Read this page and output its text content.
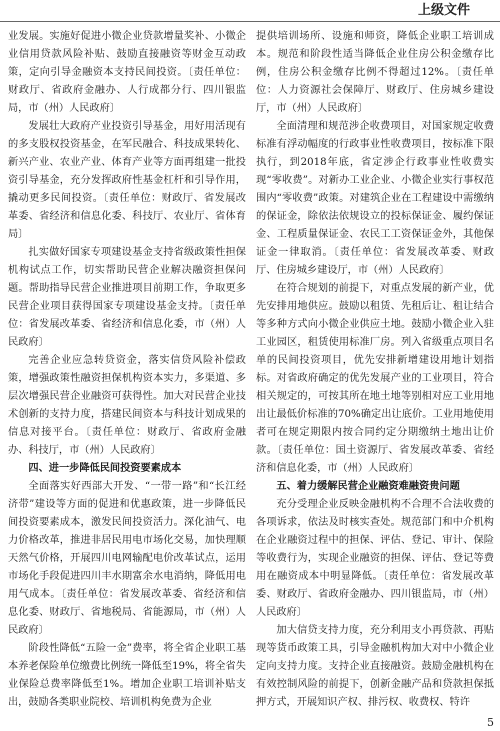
上级文件

业发展。实施好促进小微企业贷款增量奖补、小微企业信用贷款风险补贴、鼓励直接融资等财金互动政策，定向引导金融资本支持民间投资。〔责任单位：财政厅、省政府金融办、人行成都分行、四川银监局，市（州）人民政府〕

发展壮大政府产业投资引导基金，用好用活现有的多支股权投资基金，在军民融合、科技成果转化、新兴产业、农业产业、体育产业等方面再组建一批投资引导基金，充分发挥政府性基金杠杆和引导作用，撬动更多民间投资。〔责任单位：财政厅、省发展改革委、省经济和信息化委、科技厅、农业厅、省体育局〕

扎实做好国家专项建设基金支持省级政策性担保机构试点工作，切实帮助民营企业解决融资担保问题。帮助指导民营企业推进项目前期工作，争取更多民营企业项目获得国家专项建设基金支持。〔责任单位：省发展改革委、省经济和信息化委，市（州）人民政府〕

完善企业应急转贷资金，落实信贷风险补偿政策，增强政策性融资担保机构资本实力，多渠道、多层次增强民营企业融资可获得性。加大对民营企业技术创新的支持力度，搭建民间资本与科技计划成果的信息对接平台。〔责任单位：财政厅、省政府金融办、科技厅，市（州）人民政府〕

四、进一步降低民间投资要素成本

全面落实好西部大开发、“一带一路”和“长江经济带”建设等方面的促进和优惠政策，进一步降低民间投资要素成本，激发民间投资活力。深化油气、电力价格改革，推进非居民用电市场化交易，加快理顺天然气价格，开展四川电网输配电价改革试点，运用市场化手段促进四川丰水期富余水电消纳，降低用电用气成本。〔责任单位：省发展改革委、省经济和信息化委、财政厅、省地税局、省能源局，市（州）人民政府〕

阶段性降低“五险一金”费率，将全省企业职工基本养老保险单位缴费比例统一降低至19%，将全省失业保险总费率降低至1%。增加企业职工培训补贴支出，鼓励各类职业院校、培训机构免费为企业

提供培训场所、设施和师资，降低企业职工培训成本。规范和阶段性适当降低企业住房公积金缴存比例，住房公积金缴存比例不得超过12%。〔责任单位：人力资源社会保障厅、财政厅、住房城乡建设厅，市（州）人民政府〕

全面清理和规范涉企收费项目，对国家规定收费标准有浮动幅度的行政事业性收费项目，按标准下限执行，到2018年底，省定涉企行政事业性收费实现“零收费”。对新办工业企业、小微企业实行事权范围内“零收费”政策。对建筑企业在工程建设中需缴纳的保证金，除依法依规设立的投标保证金、履约保证金、工程质量保证金、农民工工资保证金外，其他保证金一律取消。〔责任单位：省发展改革委、财政厅、住房城乡建设厅，市（州）人民政府〕

在符合规划的前提下，对重点发展的新产业，优先安排用地供应。鼓励以租赁、先租后让、租让结合等多种方式向小微企业供应土地。鼓励小微企业入驻工业园区，租赁使用标准厂房。列入省级重点项目名单的民间投资项目，优先安排新增建设用地计划指标。对省政府确定的优先发展产业的工业项目，符合相关规定的，可按其所在地土地等别相对应工业用地出让最低价标准的70%确定出让底价。工业用地使用者可在规定期限内按合同约定分期缴纳土地出让价款。〔责任单位：国土资源厅、省发展改革委、省经济和信息化委，市（州）人民政府〕

五、着力缓解民营企业融资难融资贵问题

充分受理企业反映金融机构不合理不合法收费的各项诉求，依法及时核实查处。规范部门和中介机构在企业融资过程中的担保、评估、登记、审计、保险等收费行为，实现企业融资的担保、评估、登记等费用在融资成本中明显降低。〔责任单位：省发展改革委、财政厅、省政府金融办、四川银监局，市（州）人民政府〕

加大信贷支持力度，充分利用支小再贷款、再贴现等货币政策工具，引导金融机构加大对中小微企业定向支持力度。支持企业直接融资。鼓励金融机构在有效控制风险的前提下，创新金融产品和贷款担保抵押方式，开展知识产权、排污权、收费权、特许

5
